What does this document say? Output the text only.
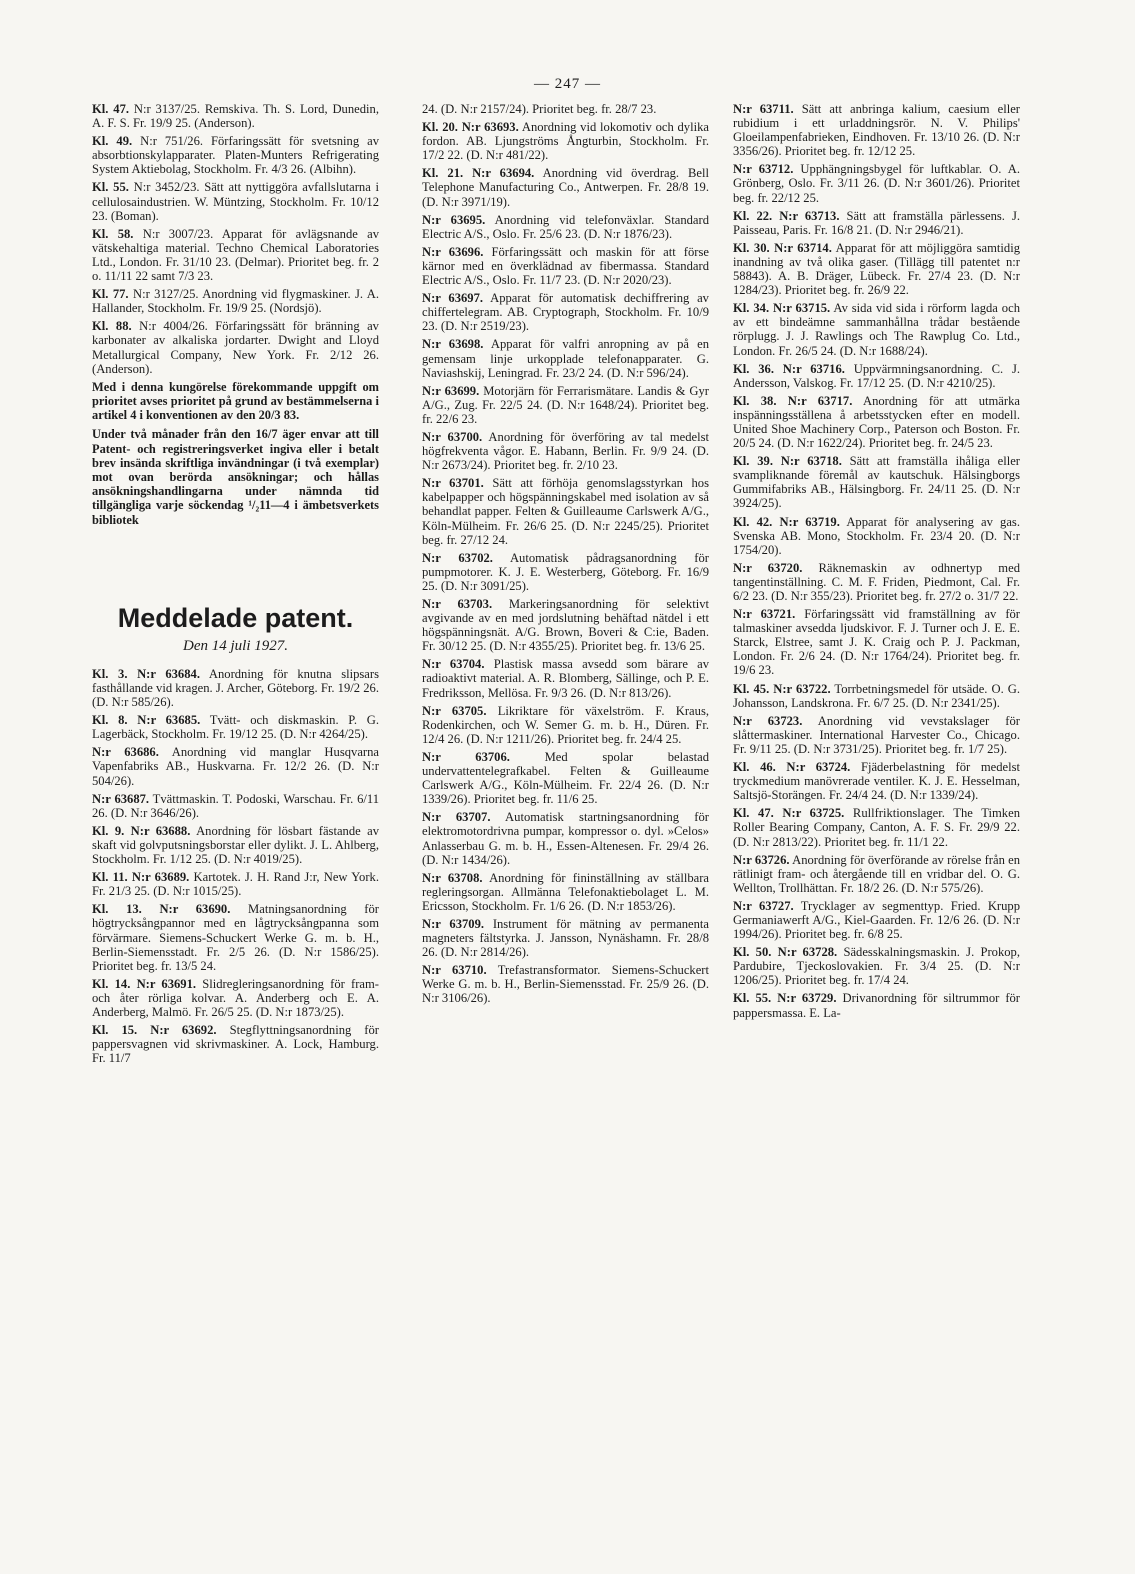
— 247 —

Kl. 47. N:r 3137/25. Remskiva. Th. S. Lord, Dunedin, A. F. S. Fr. 19/9 25. (Anderson).

Kl. 49. N:r 751/26. Förfaringssätt för svetsning av absorbtionskylapparater. Platen-Munters Refrigerating System Aktiebolag, Stockholm. Fr. 4/3 26. (Albihn).

Kl. 55. N:r 3452/23. Sätt att nyttiggöra avfallslutarna i cellulosaindustrien. W. Müntzing, Stockholm. Fr. 10/12 23. (Boman).

Kl. 58. N:r 3007/23. Apparat för avlägsnande av vätskehaltiga material. Techno Chemical Laboratories Ltd., London. Fr. 31/10 23. (Delmar). Prioritet beg. fr. 2 o. 11/11 22 samt 7/3 23.

Kl. 77. N:r 3127/25. Anordning vid flygmaskiner. J. A. Hallander, Stockholm. Fr. 19/9 25. (Nordsjö).

Kl. 88. N:r 4004/26. Förfaringssätt för bränning av karbonater av alkaliska jordarter. Dwight and Lloyd Metallurgical Company, New York. Fr. 2/12 26. (Anderson).

Med i denna kungörelse förekommande uppgift om prioritet avses prioritet på grund av bestämmelserna i artikel 4 i konventionen av den 20/3 83.

Under två månader från den 16/7 äger envar att till Patent- och registreringsverket ingiva eller i betalt brev insända skriftliga invändningar (i två exemplar) mot ovan berörda ansökningar; och hållas ansökningshandlingarna under nämnda tid tillgängliga varje söckendag ¹/₂11—4 i ämbetsverkets bibliotek

Meddelade patent.
Den 14 juli 1927.

Kl. 3. N:r 63684. Anordning för knutna slipsars fasthållande vid kragen. J. Archer, Göteborg. Fr. 19/2 26. (D. N:r 585/26).

Kl. 8. N:r 63685. Tvätt- och diskmaskin. P. G. Lagerbäck, Stockholm. Fr. 19/12 25. (D. N:r 4264/25).

N:r 63686. Anordning vid manglar Husqvarna Vapenfabriks AB., Huskvarna. Fr. 12/2 26. (D. N:r 504/26).

N:r 63687. Tvättmaskin. T. Podoski, Warschau. Fr. 6/11 26. (D. N:r 3646/26).

Kl. 9. N:r 63688. Anordning för lösbart fästande av skaft vid golvputsningsborstar eller dylikt. J. L. Ahlberg, Stockholm. Fr. 1/12 25. (D. N:r 4019/25).

Kl. 11. N:r 63689. Kartotek. J. H. Rand J:r, New York. Fr. 21/3 25. (D. N:r 1015/25).

Kl. 13. N:r 63690. Matningsanordning för högtrycksångpannor med en lågtrycksångpanna som förvärmare. Siemens-Schuckert Werke G. m. b. H., Berlin-Siemensstadt. Fr. 2/5 26. (D. N:r 1586/25). Prioritet beg. fr. 13/5 24.

Kl. 14. N:r 63691. Slidregleringsanordning för fram- och åter rörliga kolvar. A. Anderberg och E. A. Anderberg, Malmö. Fr. 26/5 25. (D. N:r 1873/25).

Kl. 15. N:r 63692. Stegflyttningsanordning för pappersvagnen vid skrivmaskiner. A. Lock, Hamburg. Fr. 11/7

24. (D. N:r 2157/24). Prioritet beg. fr. 28/7 23.

Kl. 20. N:r 63693. Anordning vid lokomotiv och dylika fordon. AB. Ljungströms Ångturbin, Stockholm. Fr. 17/2 22. (D. N:r 481/22).

Kl. 21. N:r 63694. Anordning vid överdrag. Bell Telephone Manufacturing Co., Antwerpen. Fr. 28/8 19. (D. N:r 3971/19).

N:r 63695. Anordning vid telefonväxlar. Standard Electric A/S., Oslo. Fr. 25/6 23. (D. N:r 1876/23).

N:r 63696. Förfaringssätt och maskin för att förse kärnor med en överklädnad av fibermassa. Standard Electric A/S., Oslo. Fr. 11/7 23. (D. N:r 2020/23).

N:r 63697. Apparat för automatisk dechiffrering av chiffertelegram. AB. Cryptograph, Stockholm. Fr. 10/9 23. (D. N:r 2519/23).

N:r 63698. Apparat för valfri anropning av på en gemensam linje urkopplade telefonapparater. G. Naviashskij, Leningrad. Fr. 23/2 24. (D. N:r 596/24).

N:r 63699. Motorjärn för Ferrarismätare. Landis & Gyr A/G., Zug. Fr. 22/5 24. (D. N:r 1648/24). Prioritet beg. fr. 22/6 23.

N:r 63700. Anordning för överföring av tal medelst högfrekventa vågor. E. Habann, Berlin. Fr. 9/9 24. (D. N:r 2673/24). Prioritet beg. fr. 2/10 23.

N:r 63701. Sätt att förhöja genomslagsstyrkan hos kabelpapper och högspänningskabel med isolation av så behandlat papper. Felten & Guilleaume Carlswerk A/G., Köln-Mülheim. Fr. 26/6 25. (D. N:r 2245/25). Prioritet beg. fr. 27/12 24.

N:r 63702. Automatisk pådragsanordning för pumpmotorer. K. J. E. Westerberg, Göteborg. Fr. 16/9 25. (D. N:r 3091/25).

N:r 63703. Markeringsanordning för selektivt avgivande av en med jordslutning behäftad nätdel i ett högspänningsnät. A/G. Brown, Boveri & C:ie, Baden. Fr. 30/12 25. (D. N:r 4355/25). Prioritet beg. fr. 13/6 25.

N:r 63704. Plastisk massa avsedd som bärare av radioaktivt material. A. R. Blomberg, Sällinge, och P. E. Fredriksson, Mellösa. Fr. 9/3 26. (D. N:r 813/26).

N:r 63705. Likriktare för växelström. F. Kraus, Rodenkirchen, och W. Semer G. m. b. H., Düren. Fr. 12/4 26. (D. N:r 1211/26). Prioritet beg. fr. 24/4 25.

N:r 63706.	Med spolar belastad undervattentelegrafkabel. Felten & Guilleaume Carlswerk A/G., Köln-Mülheim. Fr. 22/4 26. (D. N:r 1339/26). Prioritet beg. fr. 11/6 25.

N:r 63707. Automatisk startningsanordning för elektromotordrivna pumpar, kompressor o. dyl. »Celos» Anlasserbau G. m. b. H., Essen-Altenesen. Fr. 29/4 26. (D. N:r 1434/26).

N:r 63708. Anordning för fininställning av ställbara regleringsorgan. Allmänna Telefonaktiebolaget L. M. Ericsson, Stockholm. Fr. 1/6 26. (D. N:r 1853/26).

N:r 63709. Instrument för mätning av permanenta magneters fältstyrka. J. Jansson, Nynäshamn. Fr. 28/8 26. (D. N:r 2814/26).

N:r 63710. Trefastransformator. Siemens-Schuckert Werke G. m. b. H., Berlin-Siemensstad. Fr. 25/9 26. (D. N:r 3106/26).

N:r 63711. Sätt att anbringa kalium, caesium eller rubidium i ett urladdningsrör. N. V. Philips' Gloeilampenfabrieken, Eindhoven. Fr. 13/10 26. (D. N:r 3356/26). Prioritet beg. fr. 12/12 25.

N:r 63712. Upphängningsbygel för luftkablar. O. A. Grönberg, Oslo. Fr. 3/11 26. (D. N:r 3601/26). Prioritet beg. fr. 22/12 25.

Kl. 22. N:r 63713. Sätt att framställa pärlessens. J. Paisseau, Paris. Fr. 16/8 21. (D. N:r 2946/21).

Kl. 30. N:r 63714. Apparat för att möjliggöra samtidig inandning av två olika gaser. (Tillägg till patentet n:r 58843). A. B. Dräger, Lübeck. Fr. 27/4 23. (D. N:r 1284/23). Prioritet beg. fr. 26/9 22.

Kl. 34. N:r 63715. Av sida vid sida i rörform lagda och av ett bindeämne sammanhållna trådar bestående rörplugg. J. J. Rawlings och The Rawplug Co. Ltd., London. Fr. 26/5 24. (D. N:r 1688/24).

Kl. 36. N:r 63716. Uppvärmningsanordning. C. J. Andersson, Valskog. Fr. 17/12 25. (D. N:r 4210/25).

Kl. 38. N:r 63717. Anordning för att utmärka inspänningsställena å arbetsstycken efter en modell. United Shoe Machinery Corp., Paterson och Boston. Fr. 20/5 24. (D. N:r 1622/24). Prioritet beg. fr. 24/5 23.

Kl. 39. N:r 63718. Sätt att framställa ihåliga eller svampliknande föremål av kautschuk. Hälsingborgs Gummifabriks AB., Hälsingborg. Fr. 24/11 25. (D. N:r 3924/25).

Kl. 42. N:r 63719. Apparat för analysering av gas. Svenska AB. Mono, Stockholm. Fr. 23/4 20. (D. N:r 1754/20).

N:r 63720. Räknemaskin av odhnertyp med tangentinställning. C. M. F. Friden, Piedmont, Cal. Fr. 6/2 23. (D. N:r 355/23). Prioritet beg. fr. 27/2 o. 31/7 22.

N:r 63721. Förfaringssätt vid framställning av för talmaskiner avsedda ljudskivor. F. J. Turner och J. E. E. Starck, Elstree, samt J. K. Craig och P. J. Packman, London. Fr. 2/6 24. (D. N:r 1764/24). Prioritet beg. fr. 19/6 23.

Kl. 45. N:r 63722. Torrbetningsmedel för utsäde. O. G. Johansson, Landskrona. Fr. 6/7 25. (D. N:r 2341/25).

N:r 63723. Anordning vid vevstakslager för slåttermaskiner. International Harvester Co., Chicago. Fr. 9/11 25. (D. N:r 3731/25). Prioritet beg. fr. 1/7 25).

Kl. 46. N:r 63724. Fjäderbelastning för medelst tryckmedium manövrerade ventiler. K. J. E. Hesselman, Saltsjö-Storängen. Fr. 24/4 24. (D. N:r 1339/24).

Kl. 47. N:r 63725. Rullfriktionslager. The Timken Roller Bearing Company, Canton, A. F. S. Fr. 29/9 22. (D. N:r 2813/22). Prioritet beg. fr. 11/1 22.

N:r 63726. Anordning för överförande av rörelse från en rätlinigt fram- och återgående till en vridbar del. O. G. Wellton, Trollhättan. Fr. 18/2 26. (D. N:r 575/26).

N:r 63727. Trycklager av segmenttyp. Fried. Krupp Germaniawerft A/G., Kiel-Gaarden. Fr. 12/6 26. (D. N:r 1994/26). Prioritet beg. fr. 6/8 25.

Kl. 50. N:r 63728. Sädesskalningsmaskin. J. Prokop, Pardubire, Tjeckoslovakien. Fr. 3/4 25. (D. N:r 1206/25). Prioritet beg. fr. 17/4 24.

Kl. 55. N:r 63729. Drivanordning för siltrummor för pappersmassa. E. La-
